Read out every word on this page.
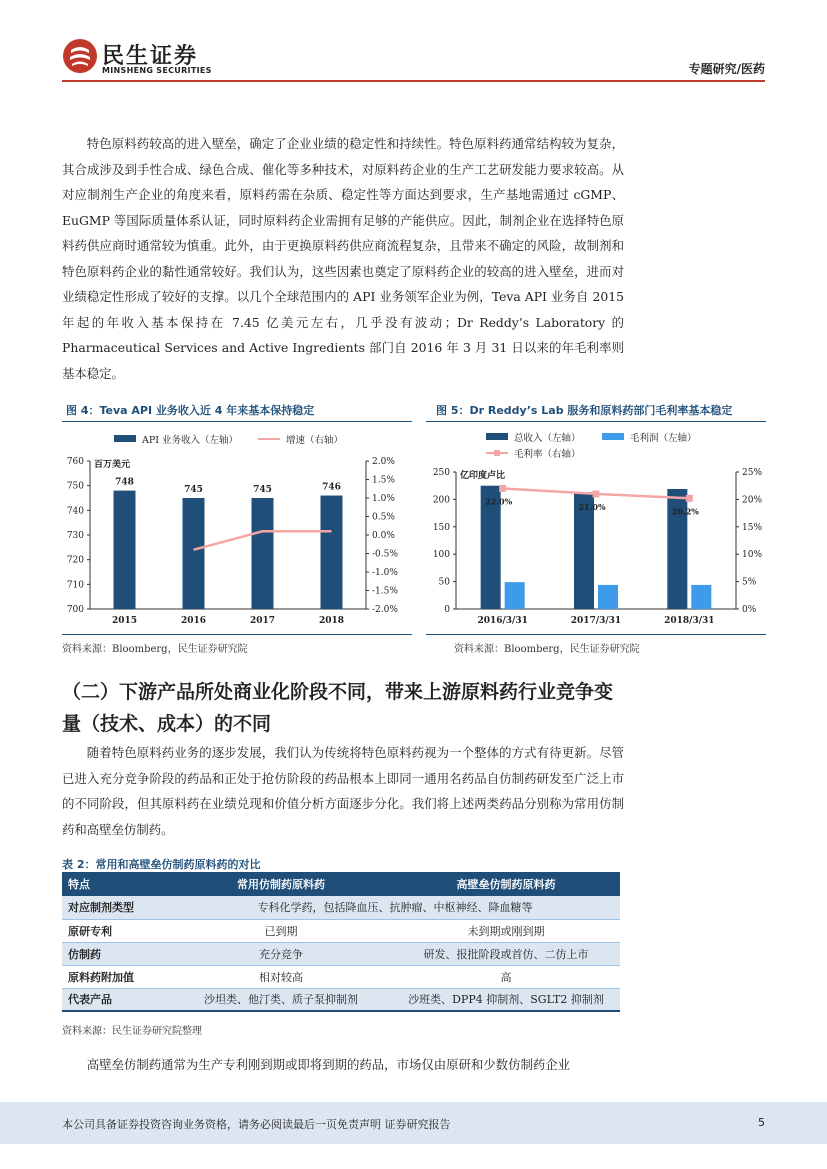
民生证券
MINSHENG SECURITIES	专题研究/医药

特色原料药较高的进入壁垒，确定了企业业绩的稳定性和持续性。特色原料药通常结构较为复杂，其合成涉及到手性合成、绿色合成、催化等多种技术，对原料药企业的生产工艺研发能力要求较高。从对应制剂生产企业的角度来看，原料药需在杂质、稳定性等方面达到要求，生产基地需通过 cGMP、EuGMP 等国际质量体系认证，同时原料药企业需拥有足够的产能供应。因此，制剂企业在选择特色原料药供应商时通常较为慎重。此外，由于更换原料药供应商流程复杂，且带来不确定的风险，故制剂和特色原料药企业的黏性通常较好。我们认为，这些因素也奠定了原料药企业的较高的进入壁垒，进而对业绩稳定性形成了较好的支撑。以几个全球范围内的 API 业务领军企业为例，Teva API 业务自 2015 年起的年收入基本保持在 7.45 亿美元左右，几乎没有波动；Dr Reddy’s Laboratory 的 Pharmaceutical Services and Active Ingredients 部门自 2016 年 3 月 31 日以来的年毛利率则基本稳定。

图 4：Teva API 业务收入近 4 年来基本保持稳定
API 业务收入（左轴）	增速（右轴）
700
710
720
730
740
750
760
-2.0%
-1.5%
-1.0%
-0.5%
0.0%
0.5%
1.0%
1.5%
2.0%
百万美元
2015	2016	2017	2018
748
745	745	746
资料来源：Bloomberg，民生证券研究院
图 5：Dr Reddy’s Lab 服务和原料药部门毛利率基本稳定
总收入（左轴）	毛利润（左轴）
毛利率（右轴）
0
50
100
150
200
250
0%
5%
10%
15%
20%
25%
亿印度卢比
2016/3/31	2017/3/31	2018/3/31
22.0%
21.0%	20.2%
资料来源：Bloomberg，民生证券研究院
（二）下游产品所处商业化阶段不同，带来上游原料药行业竞争变量（技术、成本）的不同

随着特色原料药业务的逐步发展，我们认为传统将特色原料药视为一个整体的方式有待更新。尽管已进入充分竞争阶段的药品和正处于抢仿阶段的药品根本上即同一通用名药品自仿制药研发至广泛上市的不同阶段，但其原料药在业绩兑现和价值分析方面逐步分化。我们将上述两类药品分别称为常用仿制药和高壁垒仿制药。

表 2：常用和高壁垒仿制药原料药的对比
特点	常用仿制药原料药	高壁垒仿制药原料药
对应制剂类型	专科化学药，包括降血压、抗肿瘤、中枢神经、降血糖等	
原研专利	已到期	未到期或刚到期
仿制药	充分竞争	研发、报批阶段或首仿、二仿上市
原料药附加值	相对较高	高
代表产品	沙坦类、他汀类、质子泵抑制剂	沙班类、DPP4 抑制剂、SGLT2 抑制剂
资料来源：民生证券研究院整理

高壁垒仿制药通常为生产专利刚到期或即将到期的药品，市场仅由原研和少数仿制药企业

本公司具备证券投资咨询业务资格，请务必阅读最后一页免责声明 证券研究报告	5
